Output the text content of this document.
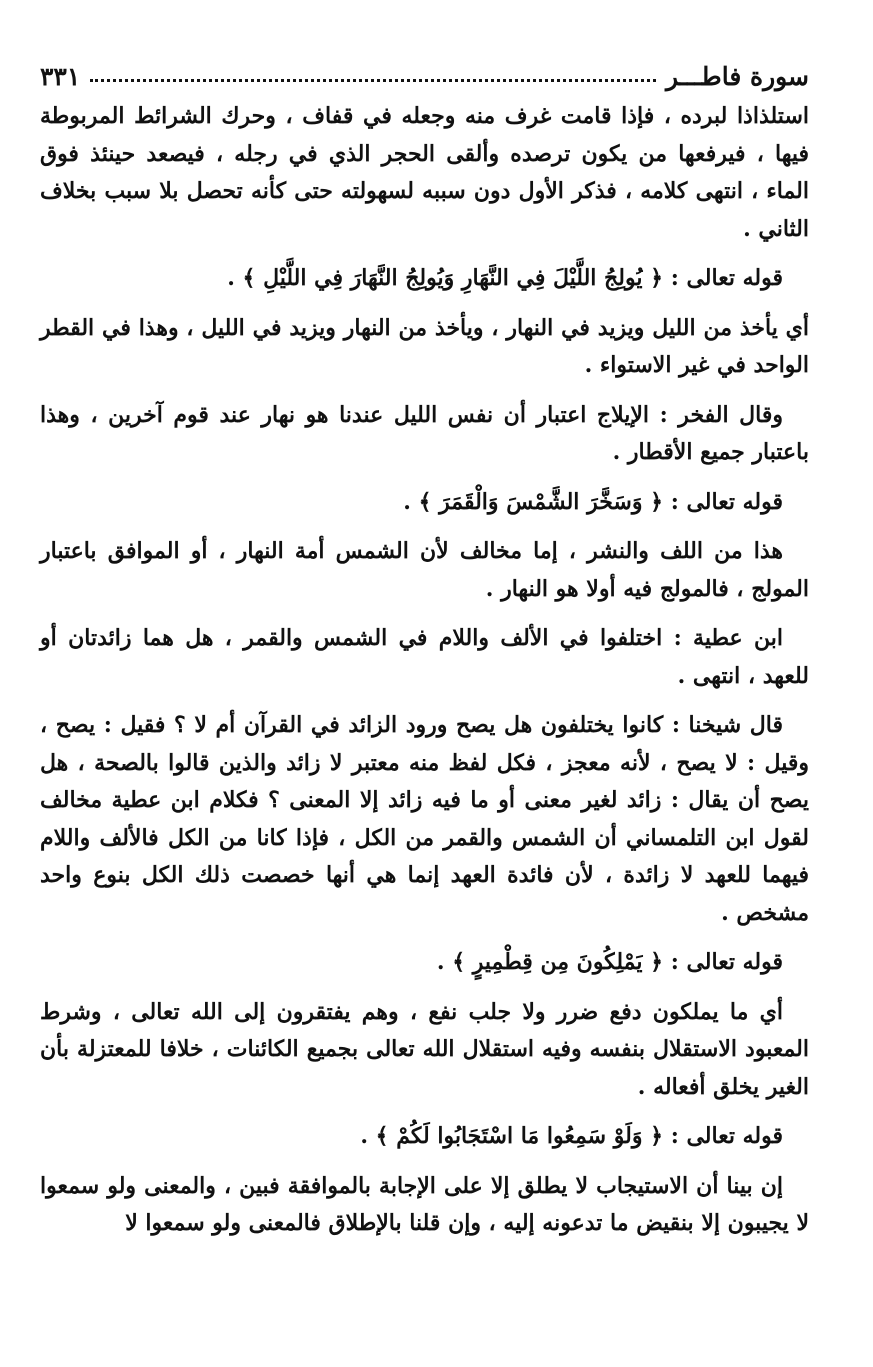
سورة فاطـــر
٣٣١

استلذاذا لبرده ، فإذا قامت غرف منه وجعله في قفاف ، وحرك الشرائط المربوطة فيها ، فيرفعها من يكون ترصده وألقى الحجر الذي في رجله ، فيصعد حينئذ فوق الماء ، انتهى كلامه ، فذكر الأول دون سببه لسهولته حتى كأنه تحصل بلا سبب بخلاف الثاني .

قوله تعالى : ﴿ يُولِجُ اللَّيْلَ فِي النَّهَارِ وَيُولِجُ النَّهَارَ فِي اللَّيْلِ ﴾ .

أي يأخذ من الليل ويزيد في النهار ، ويأخذ من النهار ويزيد في الليل ، وهذا في القطر الواحد في غير الاستواء .

وقال الفخر : الإيلاج اعتبار أن نفس الليل عندنا هو نهار عند قوم آخرين ، وهذا باعتبار جميع الأقطار .

قوله تعالى : ﴿ وَسَخَّرَ الشَّمْسَ وَالْقَمَرَ ﴾ .

هذا من اللف والنشر ، إما مخالف لأن الشمس أمة النهار ، أو الموافق باعتبار المولج ، فالمولج فيه أولا هو النهار .

ابن عطية : اختلفوا في الألف واللام في الشمس والقمر ، هل هما زائدتان أو للعهد ، انتهى .

قال شيخنا : كانوا يختلفون هل يصح ورود الزائد في القرآن أم لا ؟ فقيل : يصح ، وقيل : لا يصح ، لأنه معجز ، فكل لفظ منه معتبر لا زائد والذين قالوا بالصحة ، هل يصح أن يقال : زائد لغير معنى أو ما فيه زائد إلا المعنى ؟ فكلام ابن عطية مخالف لقول ابن التلمساني أن الشمس والقمر من الكل ، فإذا كانا من الكل فالألف واللام فيهما للعهد لا زائدة ، لأن فائدة العهد إنما هي أنها خصصت ذلك الكل بنوع واحد مشخص .

قوله تعالى : ﴿ يَمْلِكُونَ مِن قِطْمِيرٍ ﴾ .

أي ما يملكون دفع ضرر ولا جلب نفع ، وهم يفتقرون إلى الله تعالى ، وشرط المعبود الاستقلال بنفسه وفيه استقلال الله تعالى بجميع الكائنات ، خلافا للمعتزلة بأن الغير يخلق أفعاله .

قوله تعالى : ﴿ وَلَوْ سَمِعُوا مَا اسْتَجَابُوا لَكُمْ ﴾ .

إن بينا أن الاستيجاب لا يطلق إلا على الإجابة بالموافقة فبين ، والمعنى ولو سمعوا لا يجيبون إلا بنقيض ما تدعونه إليه ، وإن قلنا بالإطلاق فالمعنى ولو سمعوا لا
